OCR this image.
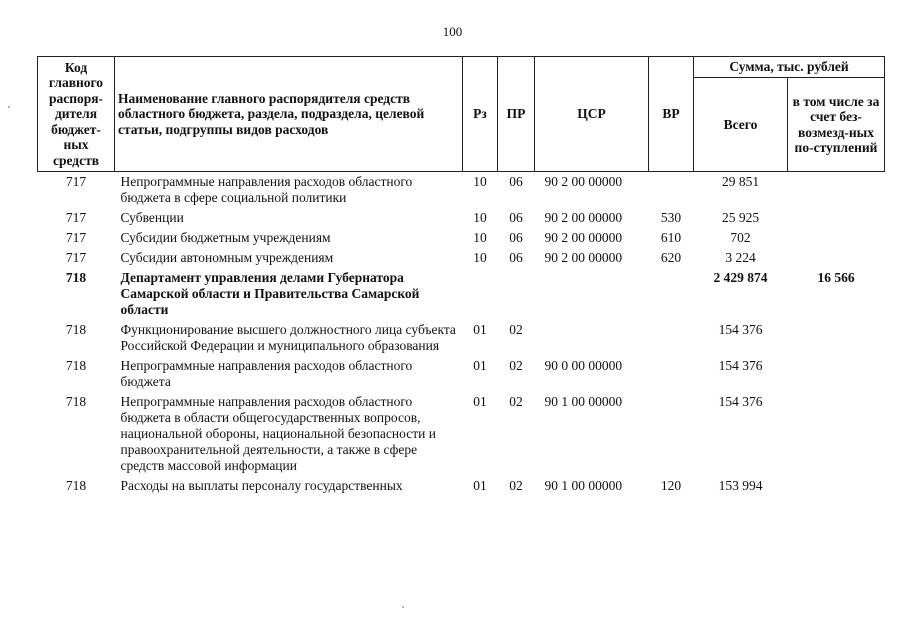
100
Код главного распоря-дителя бюджет-ных средств	Наименование главного распорядителя средств областного бюджета, раздела, подраздела, целевой статьи, подгруппы видов расходов	Рз	ПР	ЦСР	ВР	Сумма, тыс. рублей	
						Всего	в том числе за счет без-возмезд-ных по-ступлений
717	Непрограммные направления расходов областного бюджета в сфере социальной политики	10	06	90 2 00 00000		29 851	
717	Субвенции	10	06	90 2 00 00000	530	25 925	
717	Субсидии бюджетным учреждениям	10	06	90 2 00 00000	610	702	
717	Субсидии автономным учреждениям	10	06	90 2 00 00000	620	3 224	
718	Департамент управления делами Губернатора Самарской области и Правительства Самарской области					2 429 874	16 566
718	Функционирование высшего должностного лица субъекта Российской Федерации и муниципального образования	01	02			154 376	
718	Непрограммные направления расходов областного бюджета	01	02	90 0 00 00000		154 376	
718	Непрограммные направления расходов областного бюджета в области общегосударственных вопросов, национальной обороны, национальной безопасности и правоохранительной деятельности, а также в сфере средств массовой информации	01	02	90 1 00 00000		154 376	
718	Расходы на выплаты персоналу государственных	01	02	90 1 00 00000	120	153 994	
